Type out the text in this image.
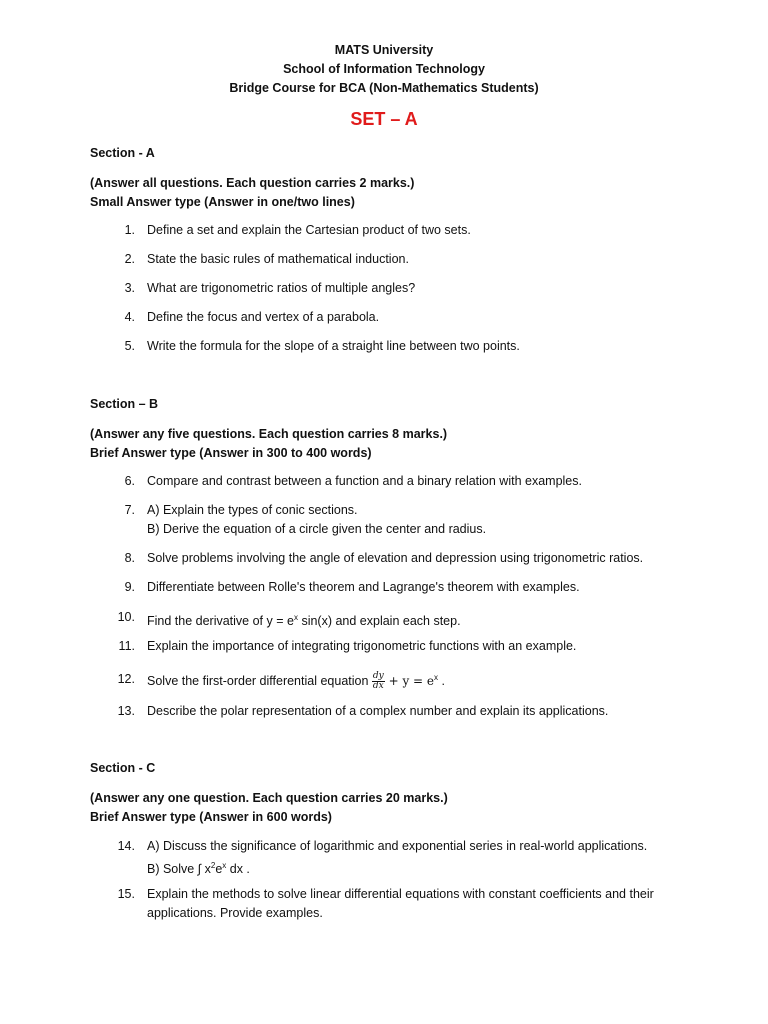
MATS University
School of Information Technology
Bridge Course for BCA (Non-Mathematics Students)
SET – A
Section - A
(Answer all questions. Each question carries 2 marks.)
Small Answer type (Answer in one/two lines)
1. Define a set and explain the Cartesian product of two sets.
2. State the basic rules of mathematical induction.
3. What are trigonometric ratios of multiple angles?
4. Define the focus and vertex of a parabola.
5. Write the formula for the slope of a straight line between two points.
Section – B
(Answer any five questions. Each question carries 8 marks.)
Brief Answer type (Answer in 300 to 400 words)
6. Compare and contrast between a function and a binary relation with examples.
7. A) Explain the types of conic sections.
B) Derive the equation of a circle given the center and radius.
8. Solve problems involving the angle of elevation and depression using trigonometric ratios.
9. Differentiate between Rolle's theorem and Lagrange's theorem with examples.
10. Find the derivative of $y = e^x$ sin(x) and explain each step.
11. Explain the importance of integrating trigonometric functions with an example.
12. Solve the first-order differential equation $\frac{dy}{dx} + y = e^x$ .
13. Describe the polar representation of a complex number and explain its applications.
Section - C
(Answer any one question. Each question carries 20 marks.)
Brief Answer type (Answer in 600 words)
14. A) Discuss the significance of logarithmic and exponential series in real-world applications.
B) Solve ∫ $x^2e^x$ dx .
15. Explain the methods to solve linear differential equations with constant coefficients and their
applications. Provide examples.
